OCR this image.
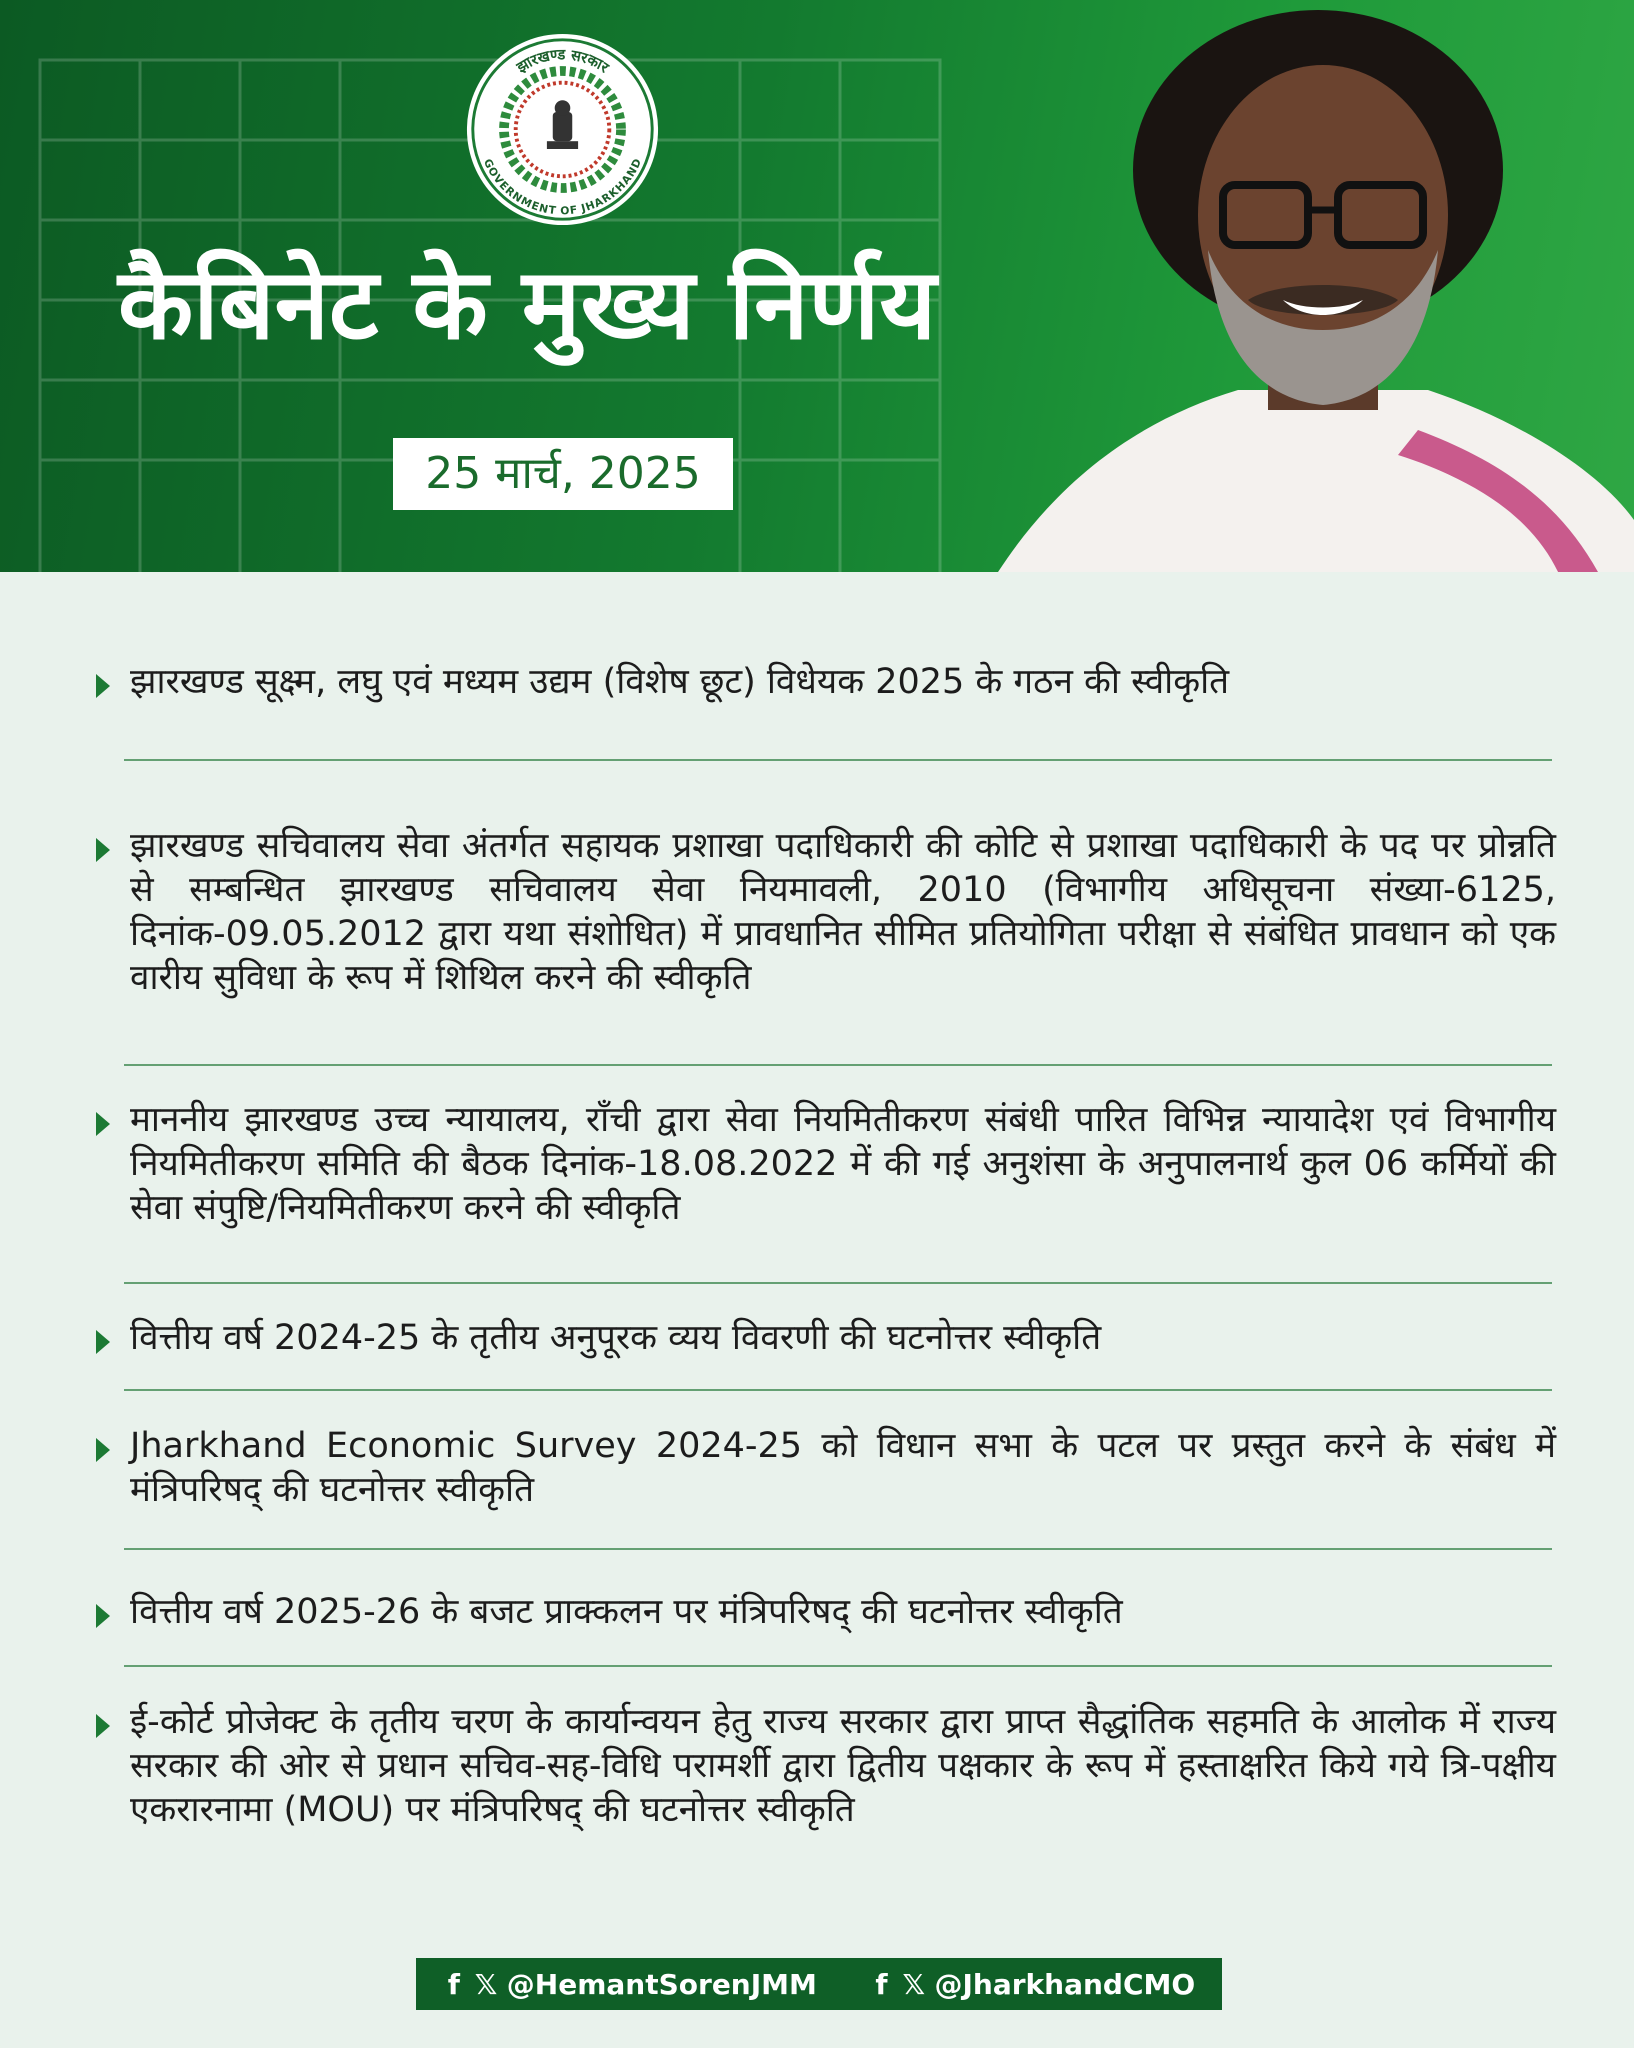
झारखण्ड सरकार
GOVERNMENT OF JHARKHAND
कैबिनेट के मुख्य निर्णय
25 मार्च, 2025
झारखण्ड सूक्ष्म, लघु एवं मध्यम उद्यम (विशेष छूट) विधेयक 2025 के गठन की स्वीकृति
झारखण्ड सचिवालय सेवा अंतर्गत सहायक प्रशाखा पदाधिकारी की कोटि से प्रशाखा पदाधिकारी के पद पर प्रोन्नति से सम्बन्धित झारखण्ड सचिवालय सेवा नियमावली, 2010 (विभागीय अधिसूचना संख्या-6125, दिनांक-09.05.2012 द्वारा यथा संशोधित) में प्रावधानित सीमित प्रतियोगिता परीक्षा से संबंधित प्रावधान को एक वारीय सुविधा के रूप में शिथिल करने की स्वीकृति
माननीय झारखण्ड उच्च न्यायालय, राँची द्वारा सेवा नियमितीकरण संबंधी पारित विभिन्न न्यायादेश एवं विभागीय नियमितीकरण समिति की बैठक दिनांक-18.08.2022 में की गई अनुशंसा के अनुपालनार्थ कुल 06 कर्मियों की सेवा संपुष्टि/नियमितीकरण करने की स्वीकृति
वित्तीय वर्ष 2024-25 के तृतीय अनुपूरक व्यय विवरणी की घटनोत्तर स्वीकृति
Jharkhand Economic Survey 2024-25 को विधान सभा के पटल पर प्रस्तुत करने के संबंध में मंत्रिपरिषद् की घटनोत्तर स्वीकृति
वित्तीय वर्ष 2025-26 के बजट प्राक्कलन पर मंत्रिपरिषद् की घटनोत्तर स्वीकृति
ई-कोर्ट प्रोजेक्ट के तृतीय चरण के कार्यान्वयन हेतु राज्य सरकार द्वारा प्राप्त सैद्धांतिक सहमति के आलोक में राज्य सरकार की ओर से प्रधान सचिव-सह-विधि परामर्शी द्वारा द्वितीय पक्षकार के रूप में हस्ताक्षरित किये गये त्रि-पक्षीय एकरारनामा (MOU) पर मंत्रिपरिषद् की घटनोत्तर स्वीकृति
f 𝕏 @HemantSorenJMM f 𝕏 @JharkhandCMO
